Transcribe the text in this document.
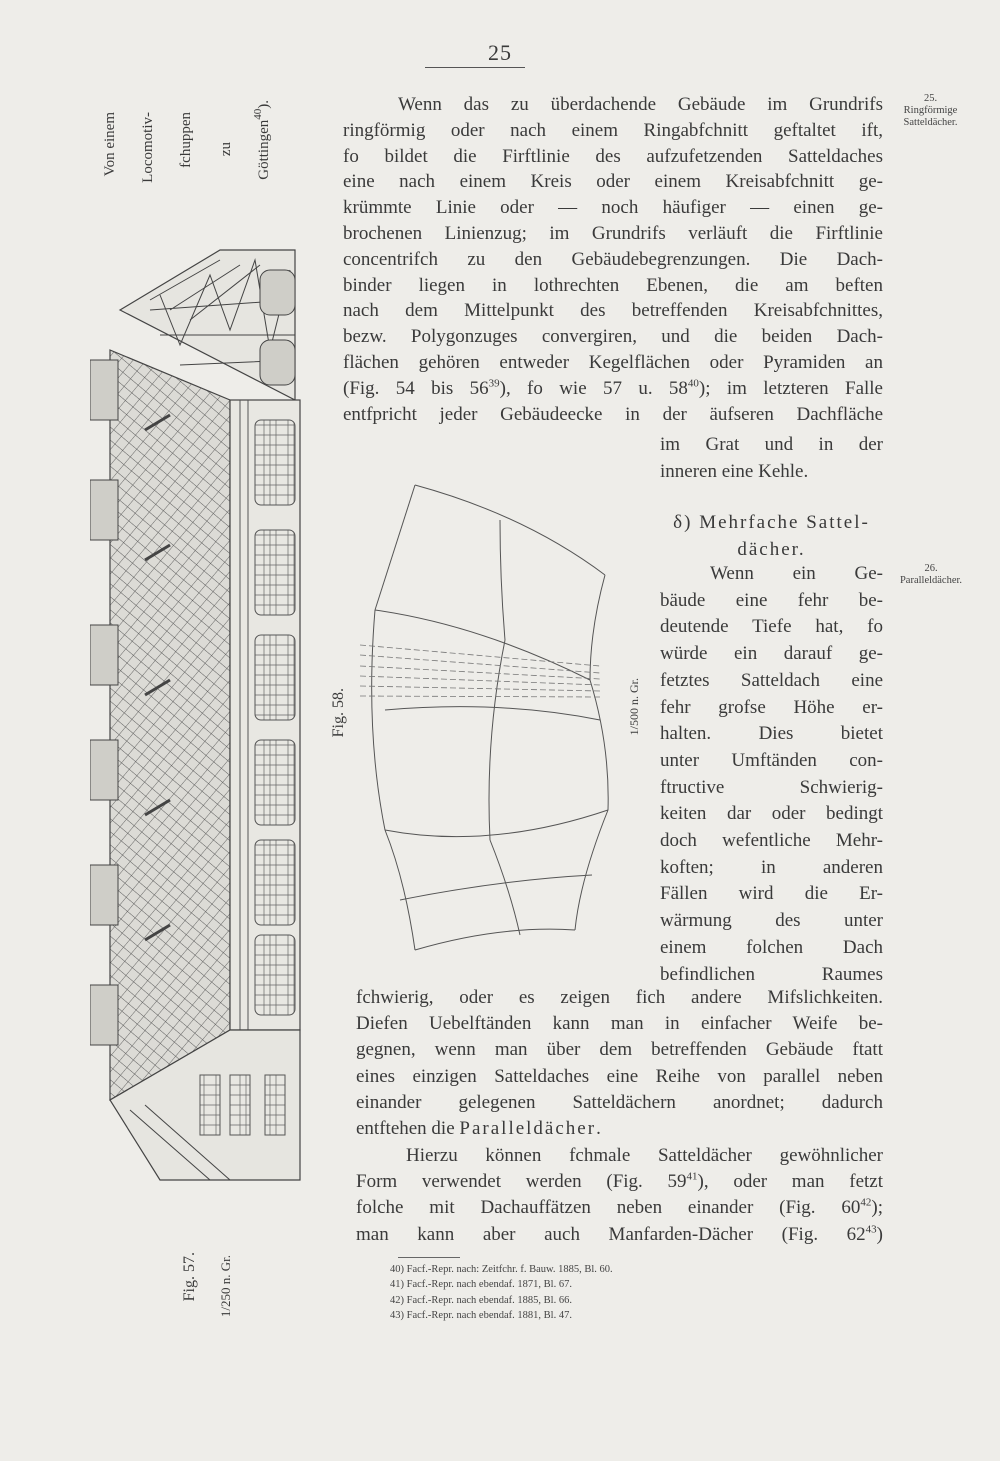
25
Von einem Locomotiv- fchuppen zu Göttingen$^{40}$).
Fig. 57. 1/250 n. Gr.
Fig. 58.	1/500 n. Gr.
25.
Ringförmige
Satteldächer.
26.
Paralleldächer.
Wenn das zu überdachende Gebäude im Grundrifs
ringförmig oder nach einem Ringabfchnitt geftaltet ift,
fo bildet die Firftlinie des aufzufetzenden Satteldaches
eine nach einem Kreis oder einem Kreisabfchnitt ge-
krümmte Linie oder — noch häufiger — einen ge-
brochenen Linienzug; im Grundrifs verläuft die Firftlinie
concentrifch zu den Gebäudebegrenzungen. Die Dach-
binder liegen in lothrechten Ebenen, die am beften
nach dem Mittelpunkt des betreffenden Kreisabfchnittes,
bezw. Polygonzuges convergiren, und die beiden Dach-
flächen gehören entweder Kegelflächen oder Pyramiden an
(Fig. 54 bis $56^{39}$), fo wie 57 u. $58^{40}$); im letzteren Falle
entfpricht jeder Gebäudeecke in der äufseren Dachfläche
im Grat und in der
inneren eine Kehle.
δ) Mehrfache Sattel-
dächer.
Wenn ein Ge-
bäude eine fehr be-
deutende Tiefe hat, fo
würde ein darauf ge-
fetztes Satteldach eine
fehr grofse Höhe er-
halten. Dies bietet
unter Umftänden con-
ftructive Schwierig-
keiten dar oder bedingt
doch wefentliche Mehr-
koften; in anderen
Fällen wird die Er-
wärmung des unter
einem folchen Dach
befindlichen Raumes
fchwierig, oder es zeigen fich andere Mifslichkeiten.
Diefen Uebelftänden kann man in einfacher Weife be-
gegnen, wenn man über dem betreffenden Gebäude ftatt
eines einzigen Satteldaches eine Reihe von parallel neben
einander gelegenen Satteldächern anordnet; dadurch
entftehen die Paralleldächer.
Hierzu können fchmale Satteldächer gewöhnlicher
Form verwendet werden (Fig. $59^{41}$), oder man fetzt
folche mit Dachauffätzen neben einander (Fig. $60^{42}$);
man kann aber auch Manfarden-Dächer (Fig. $62^{43}$)
40) Facf.-Repr. nach: Zeitfchr. f. Bauw. 1885, Bl. 60.
41) Facf.-Repr. nach ebendaf. 1871, Bl. 67.
42) Facf.-Repr. nach ebendaf. 1885, Bl. 66.
43) Facf.-Repr. nach ebendaf. 1881, Bl. 47.
